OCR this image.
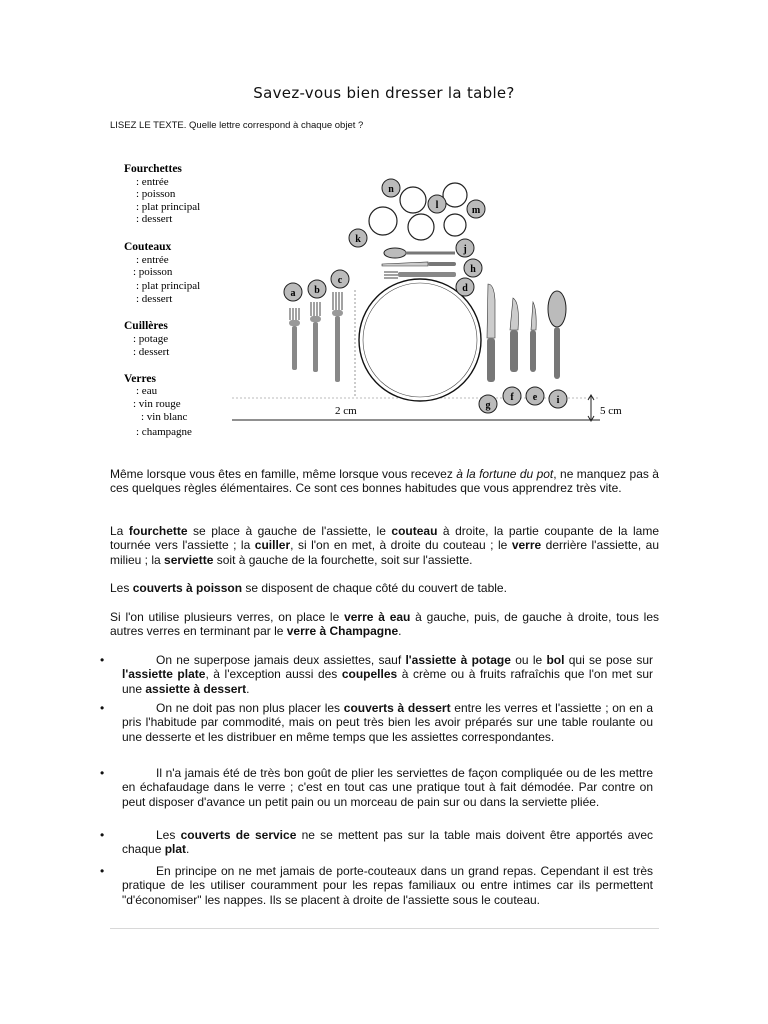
Savez-vous bien dresser la table?
LISEZ LE TEXTE. Quelle lettre correspond à chaque objet ?
Fourchettes
: entrée
: poisson
: plat principal
: dessert
Couteaux
: entrée
: poisson
: plat principal
: dessert
Cuillères
: potage
: dessert
Verres
: eau
: vin rouge
: vin blanc
: champagne
2 cm	5 cm
a b
c
d
e
f
g
h
i
j
k
l	m
n

Même lorsque vous êtes en famille, même lorsque vous recevez à la fortune du pot, ne manquez pas à ces quelques règles élémentaires. Ce sont ces bonnes habitudes que vous apprendrez très vite.

La fourchette se place à gauche de l'assiette, le couteau à droite, la partie coupante de la lame tournée vers l'assiette ; la cuiller, si l'on en met, à droite du couteau ; le verre derrière l'assiette, au milieu ; la serviette soit à gauche de la fourchette, soit sur l'assiette.

Les couverts à poisson se disposent de chaque côté du couvert de table.

Si l'on utilise plusieurs verres, on place le verre à eau à gauche, puis, de gauche à droite, tous les autres verres en terminant par le verre à Champagne.

•	On ne superpose jamais deux assiettes, sauf l'assiette à potage ou le bol qui se pose sur l'assiette plate, à l'exception aussi des coupelles à crème ou à fruits rafraîchis que l'on met sur une assiette à dessert.

•	On ne doit pas non plus placer les couverts à dessert entre les verres et l'assiette ; on en a pris l'habitude par commodité, mais on peut très bien les avoir préparés sur une table roulante ou une desserte et les distribuer en même temps que les assiettes correspondantes.

•	Il n'a jamais été de très bon goût de plier les serviettes de façon compliquée ou de les mettre en échafaudage dans le verre ; c'est en tout cas une pratique tout à fait démodée. Par contre on peut disposer d'avance un petit pain ou un morceau de pain sur ou dans la serviette pliée.

•	Les couverts de service ne se mettent pas sur la table mais doivent être apportés avec chaque plat.

•	En principe on ne met jamais de porte-couteaux dans un grand repas. Cependant il est très pratique de les utiliser couramment pour les repas familiaux ou entre intimes car ils permettent "d'économiser" les nappes. Ils se placent à droite de l'assiette sous le couteau.
